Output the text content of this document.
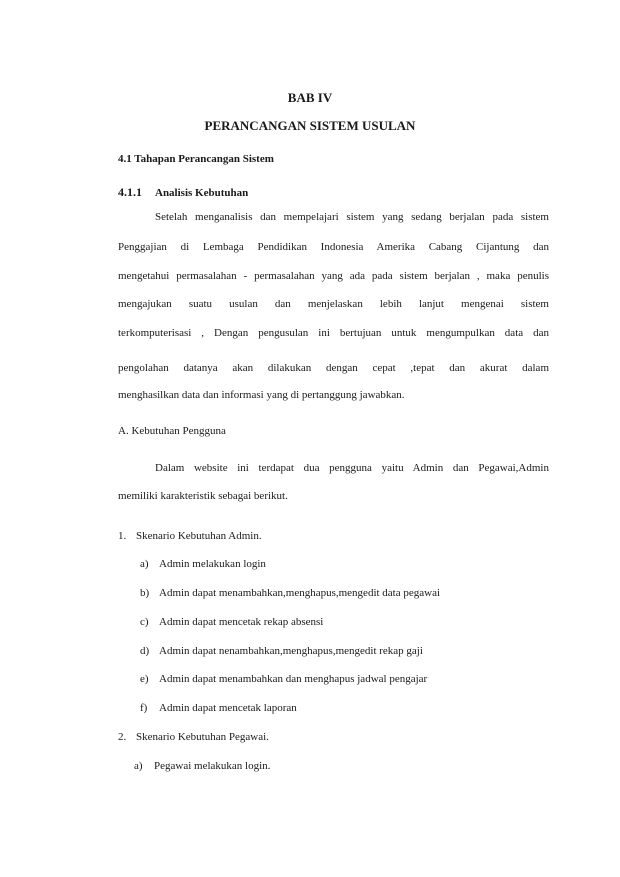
BAB IV
PERANCANGAN SISTEM USULAN
4.1 Tahapan Perancangan Sistem
4.1.1 Analisis Kebutuhan
Setelah menganalisis dan mempelajari sistem yang sedang berjalan pada sistem
Penggajian di Lembaga Pendidikan Indonesia Amerika Cabang Cijantung dan
mengetahui permasalahan - permasalahan yang ada pada sistem berjalan , maka penulis
mengajukan suatu usulan dan menjelaskan lebih lanjut mengenai sistem
terkomputerisasi , Dengan pengusulan ini bertujuan untuk mengumpulkan data dan
pengolahan datanya akan dilakukan dengan cepat ,tepat dan akurat dalam
menghasilkan data dan informasi yang di pertanggung jawabkan.
A. Kebutuhan Pengguna
Dalam website ini terdapat dua pengguna yaitu Admin dan Pegawai,Admin
memiliki karakteristik sebagai berikut.
1. Skenario Kebutuhan Admin.
a) Admin melakukan login
b) Admin dapat menambahkan,menghapus,mengedit data pegawai
c) Admin dapat mencetak rekap absensi
d) Admin dapat nenambahkan,menghapus,mengedit rekap gaji
e) Admin dapat menambahkan dan menghapus jadwal pengajar
f) Admin dapat mencetak laporan
2. Skenario Kebutuhan Pegawai.
a) Pegawai melakukan login.
